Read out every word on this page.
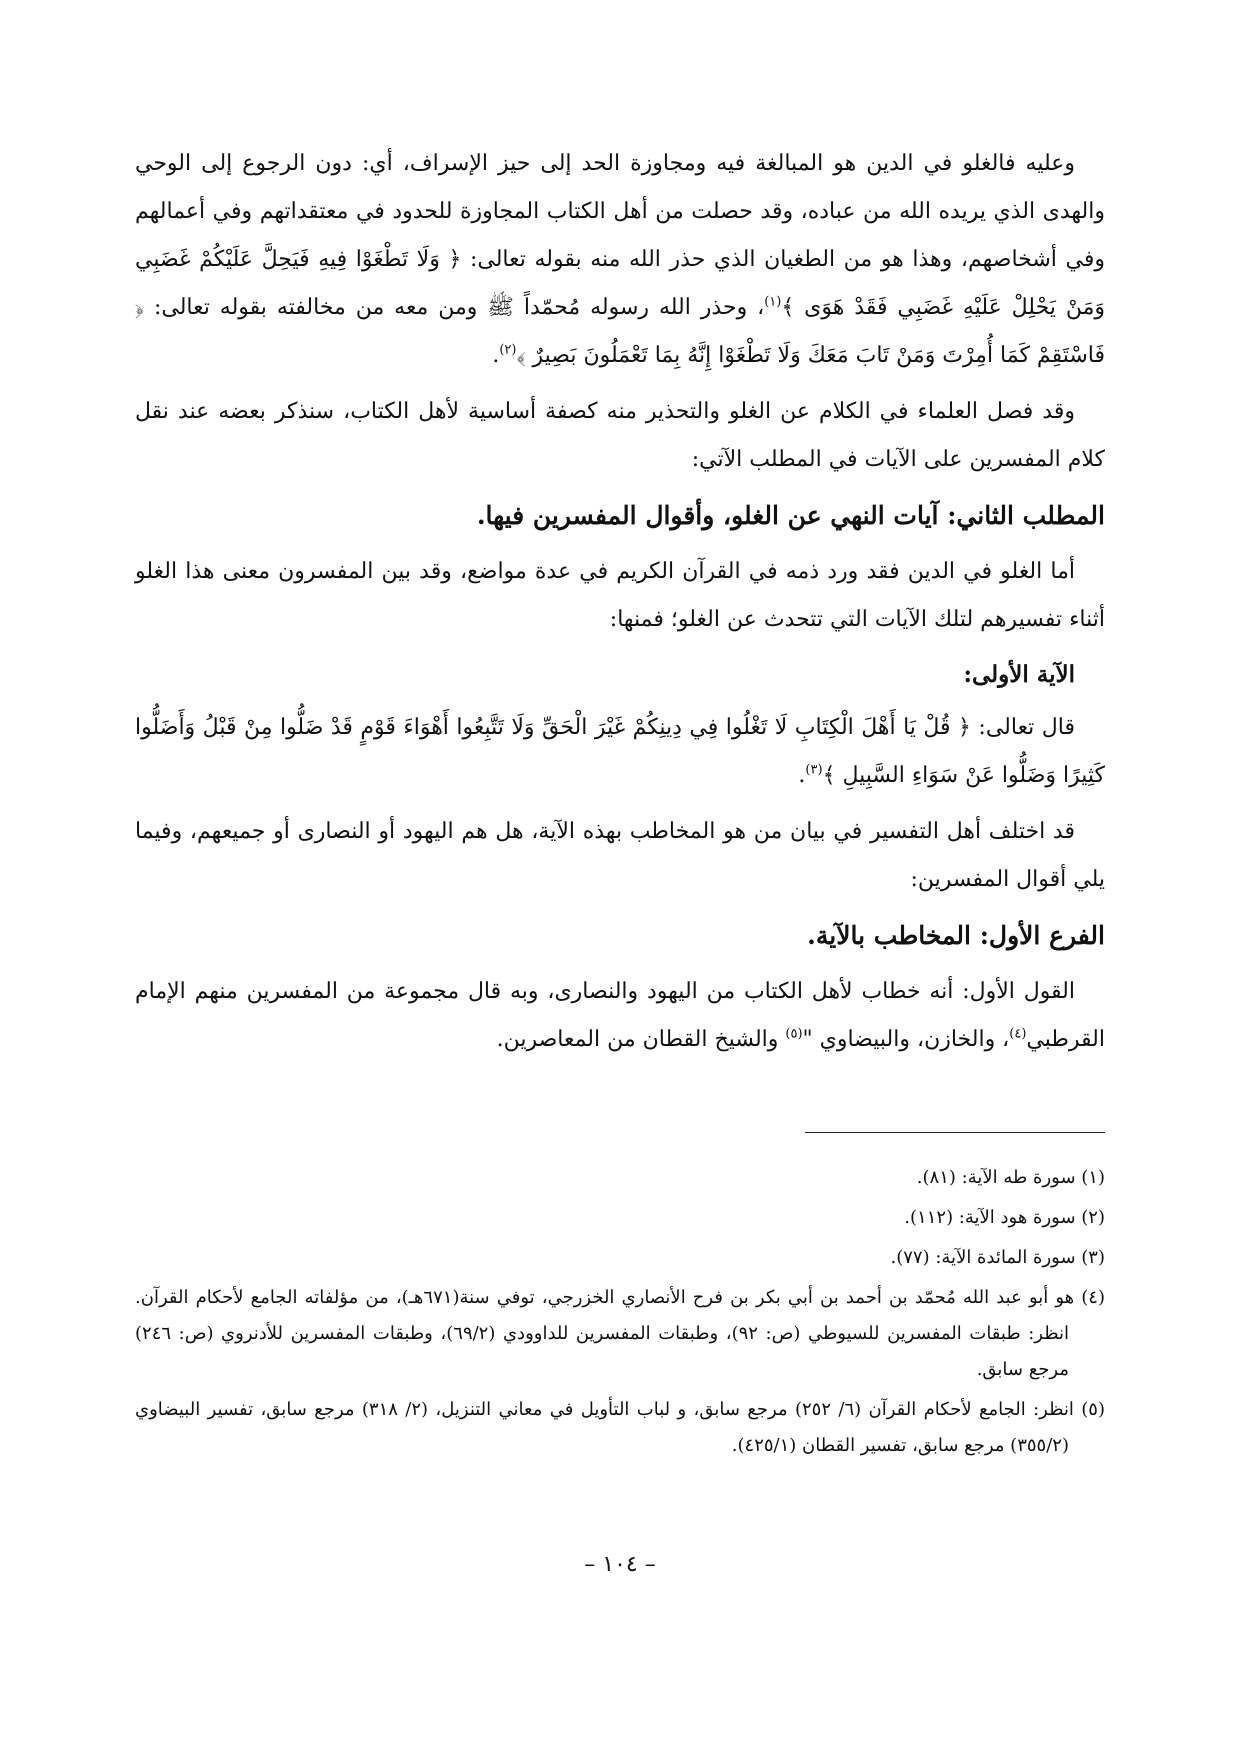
وعليه فالغلو في الدين هو المبالغة فيه ومجاوزة الحد إلى حيز الإسراف، أي: دون الرجوع إلى الوحي والهدى الذي يريده الله من عباده، وقد حصلت من أهل الكتاب المجاوزة للحدود في معتقداتهم وفي أعمالهم وفي أشخاصهم، وهذا هو من الطغيان الذي حذر الله منه بقوله تعالى: ﴿ وَلَا تَطْغَوْا فِيهِ فَيَحِلَّ عَلَيْكُمْ غَضَبِي وَمَنْ يَحْلِلْ عَلَيْهِ غَضَبِي فَقَدْ هَوَى ﴾$^{(١)}$، وحذر الله رسوله مُحمّداً ﷺ ومن معه من مخالفته بقوله تعالى: ﴿ فَاسْتَقِمْ كَمَا أُمِرْتَ وَمَنْ تَابَ مَعَكَ وَلَا تَطْغَوْا إِنَّهُ بِمَا تَعْمَلُونَ بَصِيرٌ ﴾$^{(٢)}$.

وقد فصل العلماء في الكلام عن الغلو والتحذير منه كصفة أساسية لأهل الكتاب، سنذكر بعضه عند نقل كلام المفسرين على الآيات في المطلب الآتي:

المطلب الثاني: آيات النهي عن الغلو، وأقوال المفسرين فيها.

أما الغلو في الدين فقد ورد ذمه في القرآن الكريم في عدة مواضع، وقد بين المفسرون معنى هذا الغلو أثناء تفسيرهم لتلك الآيات التي تتحدث عن الغلو؛ فمنها:

الآية الأولى:

قال تعالى: ﴿ قُلْ يَا أَهْلَ الْكِتَابِ لَا تَغْلُوا فِي دِينِكُمْ غَيْرَ الْحَقِّ وَلَا تَتَّبِعُوا أَهْوَاءَ قَوْمٍ قَدْ ضَلُّوا مِنْ قَبْلُ وَأَضَلُّوا كَثِيرًا وَضَلُّوا عَنْ سَوَاءِ السَّبِيلِ ﴾$^{(٣)}$.

قد اختلف أهل التفسير في بيان من هو المخاطب بهذه الآية، هل هم اليهود أو النصارى أو جميعهم، وفيما يلي أقوال المفسرين:

الفرع الأول: المخاطب بالآية.

القول الأول: أنه خطاب لأهل الكتاب من اليهود والنصارى، وبه قال مجموعة من المفسرين منهم الإمام القرطبي$^{(٤)}$، والخازن، والبيضاوي "$^{(٥)}$ والشيخ القطان من المعاصرين.

(١) سورة طه الآية: (٨١).

(٢) سورة هود الآية: (١١٢).

(٣) سورة المائدة الآية: (٧٧).

(٤) هو أبو عبد الله مُحمّد بن أحمد بن أبي بكر بن فرح الأنصاري الخزرجي، توفي سنة(٦٧١هـ)، من مؤلفاته الجامع لأحكام القرآن. انظر: طبقات المفسرين للسيوطي (ص: ٩٢)، وطبقات المفسرين للداوودي (٦٩/٢)، وطبقات المفسرين للأدنروي (ص: ٢٤٦) مرجع سابق.

(٥) انظر: الجامع لأحكام القرآن (٦/ ٢٥٢) مرجع سابق، و لباب التأويل في معاني التنزيل، (٢/ ٣١٨) مرجع سابق، تفسير البيضاوي (٣٥٥/٢) مرجع سابق، تفسير القطان (٤٢٥/١).

– ١٠٤ –
